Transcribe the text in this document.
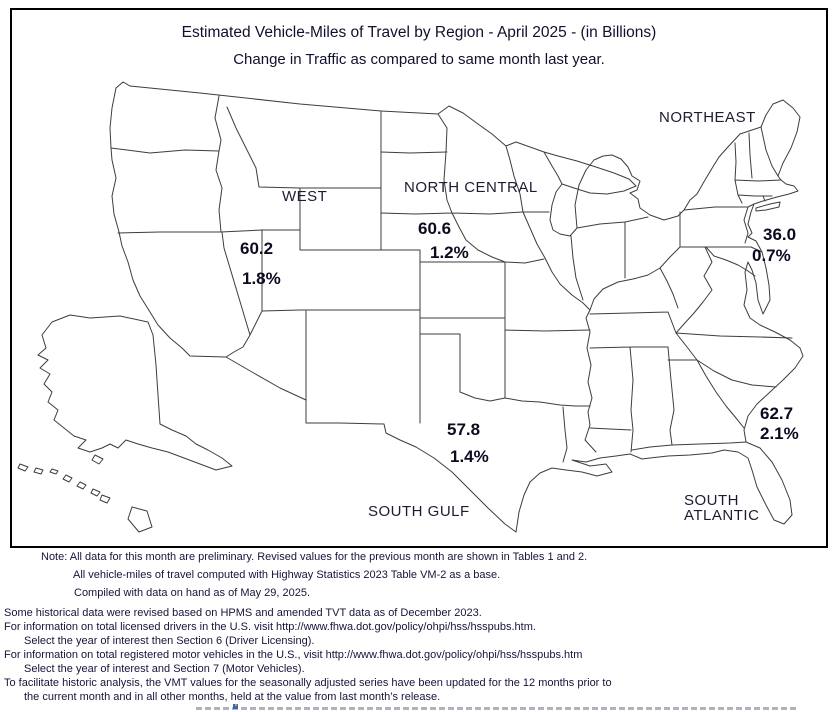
Estimated Vehicle-Miles of Travel by Region - April 2025 - (in Billions)
Change in Traffic as compared to same month last year.
WEST
NORTH CENTRAL
NORTHEAST
SOUTH GULF
SOUTH ATLANTIC
60.2
1.8%
60.6
1.2%
36.0
0.7%
57.8
1.4%
62.7
2.1%
Note: All data for this month are preliminary. Revised values for the previous month are shown in Tables 1 and 2.
All vehicle-miles of travel computed with Highway Statistics 2023 Table VM-2 as a base.
Compiled with data on hand as of May 29, 2025.
Some historical data were revised based on HPMS and amended TVT data as of December 2023.
For information on total licensed drivers in the U.S. visit http://www.fhwa.dot.gov/policy/ohpi/hss/hsspubs.htm.
Select the year of interest then Section 6 (Driver Licensing).
For information on total registered motor vehicles in the U.S., visit http://www.fhwa.dot.gov/policy/ohpi/hss/hsspubs.htm
Select the year of interest and Section 7 (Motor Vehicles).
To facilitate historic analysis, the VMT values for the seasonally adjusted series have been updated for the 12 months prior to
the current month and in all other months, held at the value from last month’s release.
